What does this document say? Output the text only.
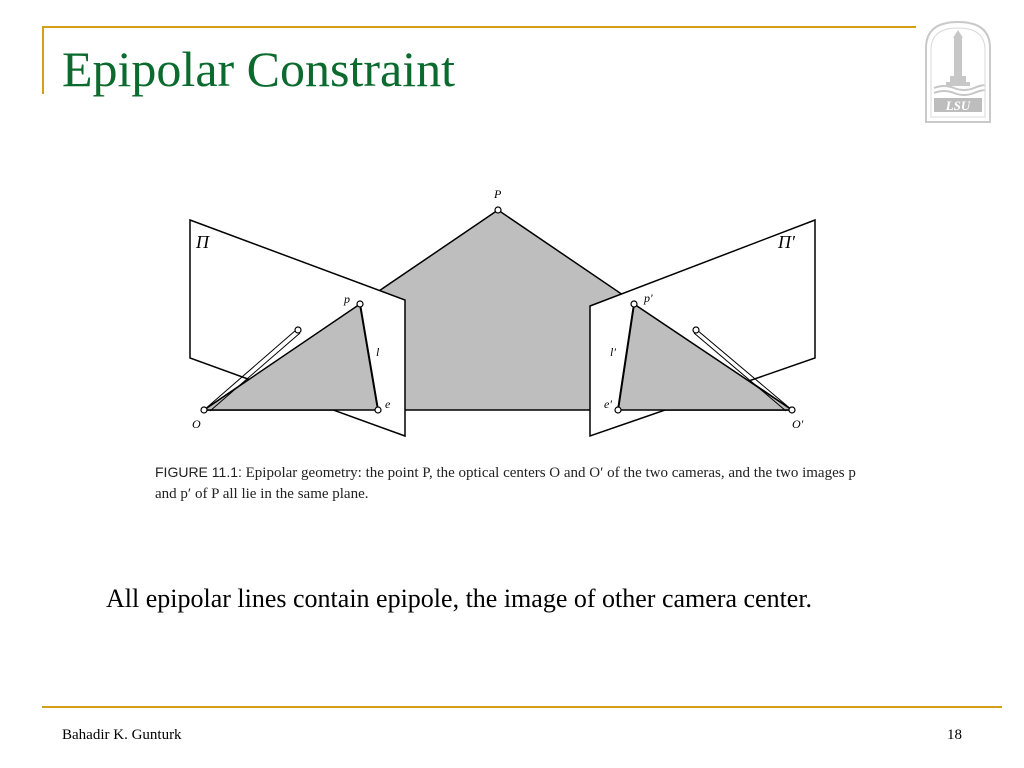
Epipolar Constraint
LSU
P
Π	Π′
p	p′
l	l′
e	e′
O	O′

FIGURE 11.1: Epipolar geometry: the point P, the optical centers O and O′ of the two cameras, and the two images p and p′ of P all lie in the same plane.

All epipolar lines contain epipole, the image of other camera center.

Bahadir K. Gunturk	18
